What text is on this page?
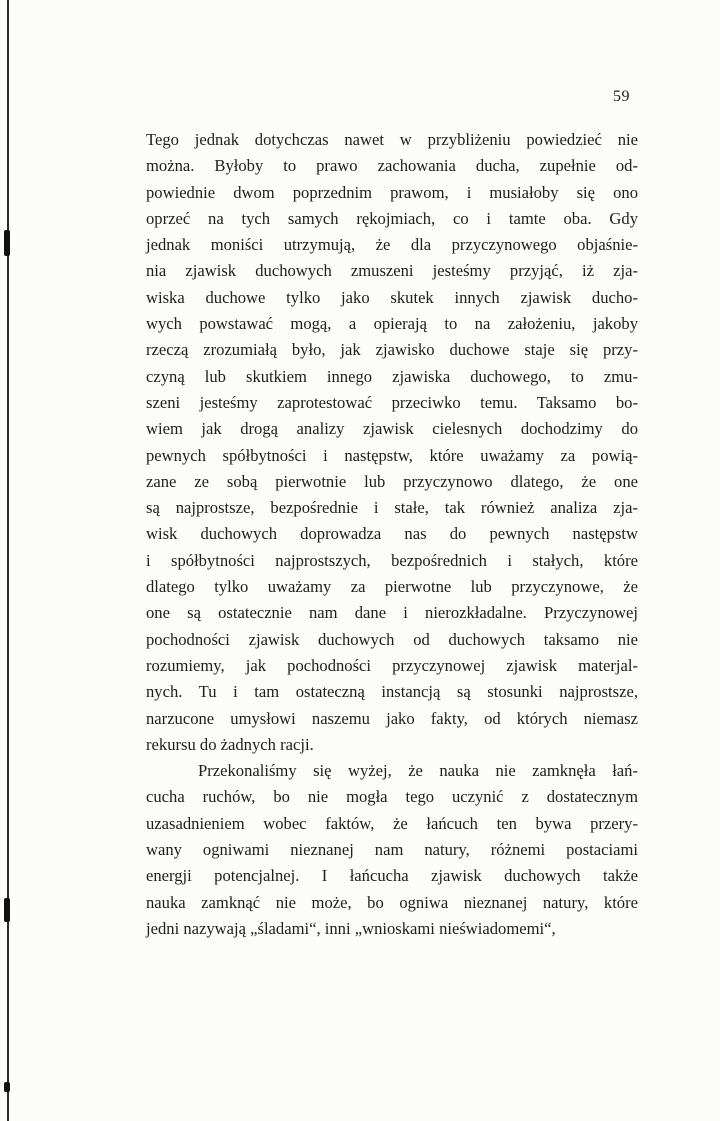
59
Tego jednak dotychczas nawet w przybliżeniu powiedzieć nie
można. Byłoby to prawo zachowania ducha, zupełnie od-
powiednie dwom poprzednim prawom, i musiałoby się ono
oprzeć na tych samych rękojmiach, co i tamte oba. Gdy
jednak moniści utrzymują, że dla przyczynowego objaśnie-
nia zjawisk duchowych zmuszeni jesteśmy przyjąć, iż zja-
wiska duchowe tylko jako skutek innych zjawisk ducho-
wych powstawać mogą, a opierają to na założeniu, jakoby
rzeczą zrozumiałą było, jak zjawisko duchowe staje się przy-
czyną lub skutkiem innego zjawiska duchowego, to zmu-
szeni jesteśmy zaprotestować przeciwko temu. Taksamo bo-
wiem jak drogą analizy zjawisk cielesnych dochodzimy do
pewnych spółbytności i następstw, które uważamy za powią-
zane ze sobą pierwotnie lub przyczynowo dlatego, że one
są najprostsze, bezpośrednie i stałe, tak również analiza zja-
wisk duchowych doprowadza nas do pewnych następstw
i spółbytności najprostszych, bezpośrednich i stałych, które
dlatego tylko uważamy za pierwotne lub przyczynowe, że
one są ostatecznie nam dane i nierozkładalne. Przyczynowej
pochodności zjawisk duchowych od duchowych taksamo nie
rozumiemy, jak pochodności przyczynowej zjawisk materjal-
nych. Tu i tam ostateczną instancją są stosunki najprostsze,
narzucone umysłowi naszemu jako fakty, od których niemasz
rekursu do żadnych racji.
Przekonaliśmy się wyżej, że nauka nie zamknęła łań-
cucha ruchów, bo nie mogła tego uczynić z dostatecznym
uzasadnieniem wobec faktów, że łańcuch ten bywa przery-
wany ogniwami nieznanej nam natury, różnemi postaciami
energji potencjalnej. I łańcucha zjawisk duchowych także
nauka zamknąć nie może, bo ogniwa nieznanej natury, które
jedni nazywają „śladami“, inni „wnioskami nieświadomemi“,
